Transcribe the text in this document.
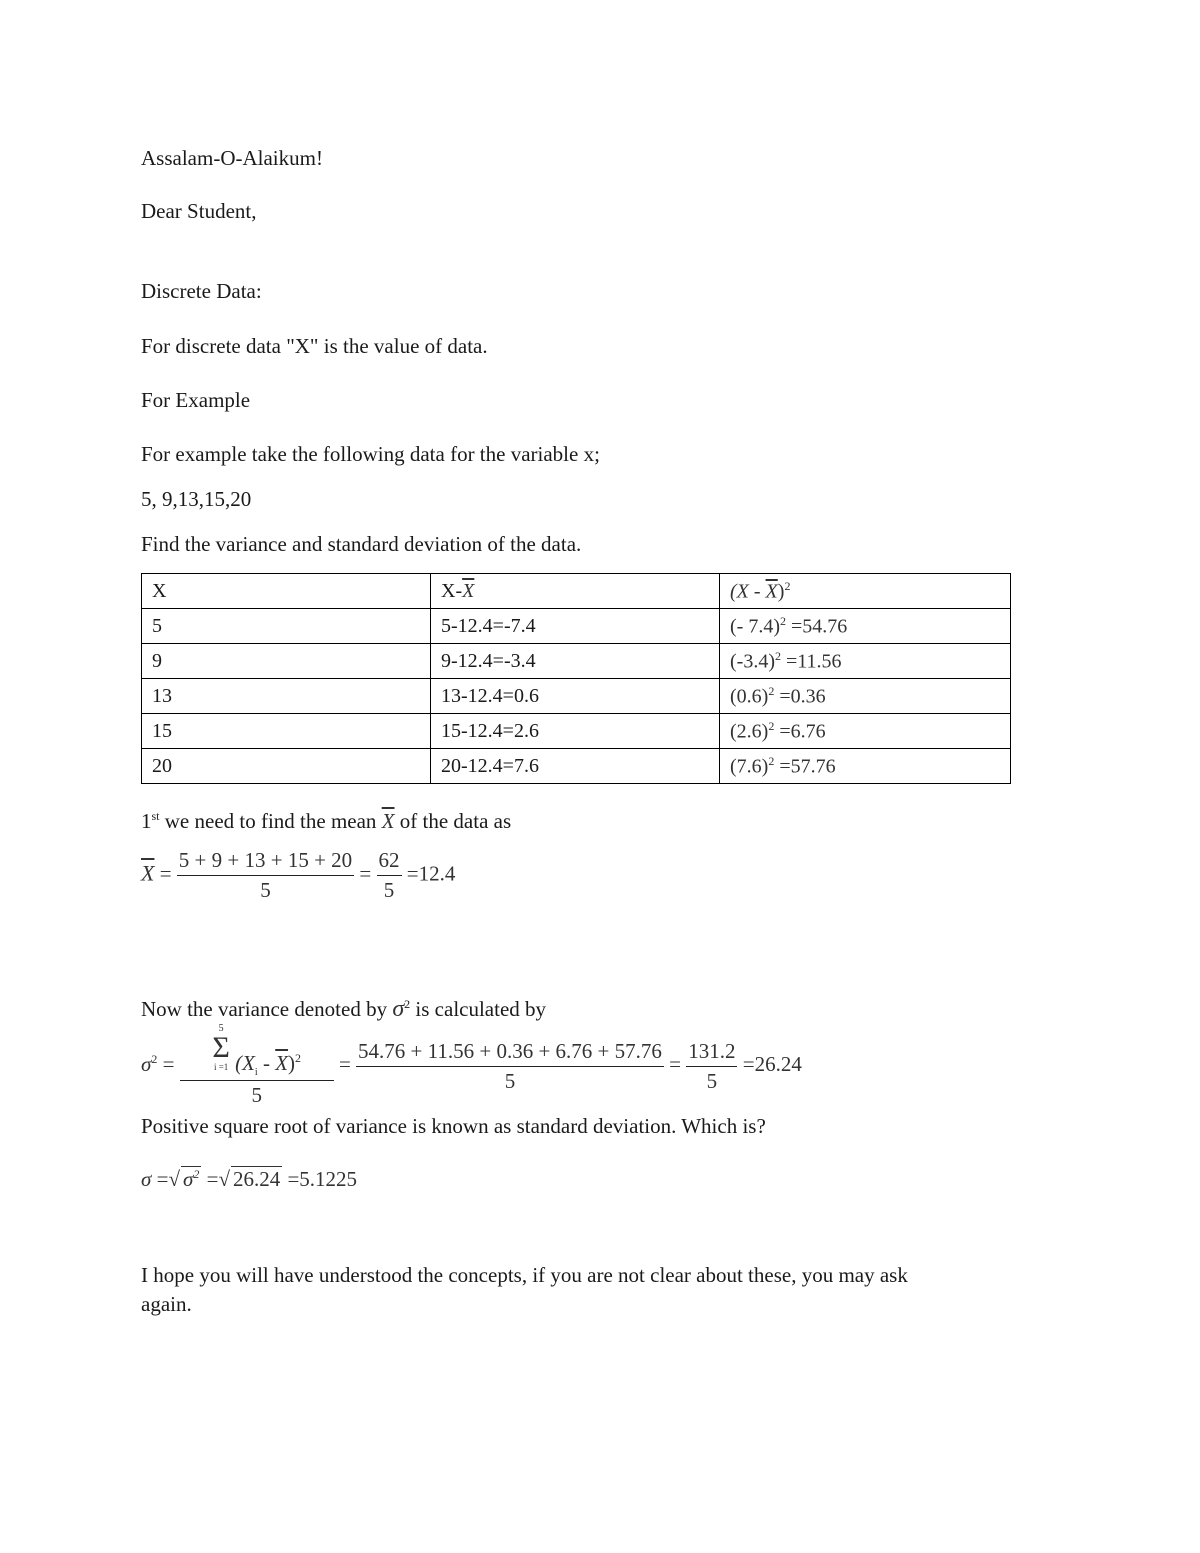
Assalam-O-Alaikum!
Dear Student,
Discrete Data:
For discrete data "X" is the value of data.
For Example
For example take the following data for the variable x;
5, 9,13,15,20
Find the variance and standard deviation of the data.
X	$X-\overline{X}$	$(X - \overline{X})^2$
5	5-12.4=-7.4	(- 7.4)$^2$ =54.76
9	9-12.4=-3.4	$(-3.4)^2 =11.56$
13	13-12.4=0.6	$(0.6)^2 =0.36$
15	15-12.4=2.6	$(2.6)^2 =6.76$
20	20-12.4=7.6	$(7.6)^2 =57.76$
1st we need to find the mean $\overline{X}$ of the data as
$\overline{X} = \frac{5 + 9 + 13 + 15 + 20}{5} = \frac{62}{5} =12.4$
Now the variance denoted by $\sigma^2$ is calculated by
$\sigma^2 = 5$
Σ
i =1 $(X_i - \overline{X})^2$
$5 = \frac{54.76 + 11.56 + 0.36 + 6.76 + 57.76}{5} = \frac{131.2}{5} =26.24$
Positive square root of variance is known as standard deviation. Which is?
σ =√ $\sigma^2$ =√ 26.24 =5.1225
I hope you will have understood the concepts, if you are not clear about these, you may ask
again.
